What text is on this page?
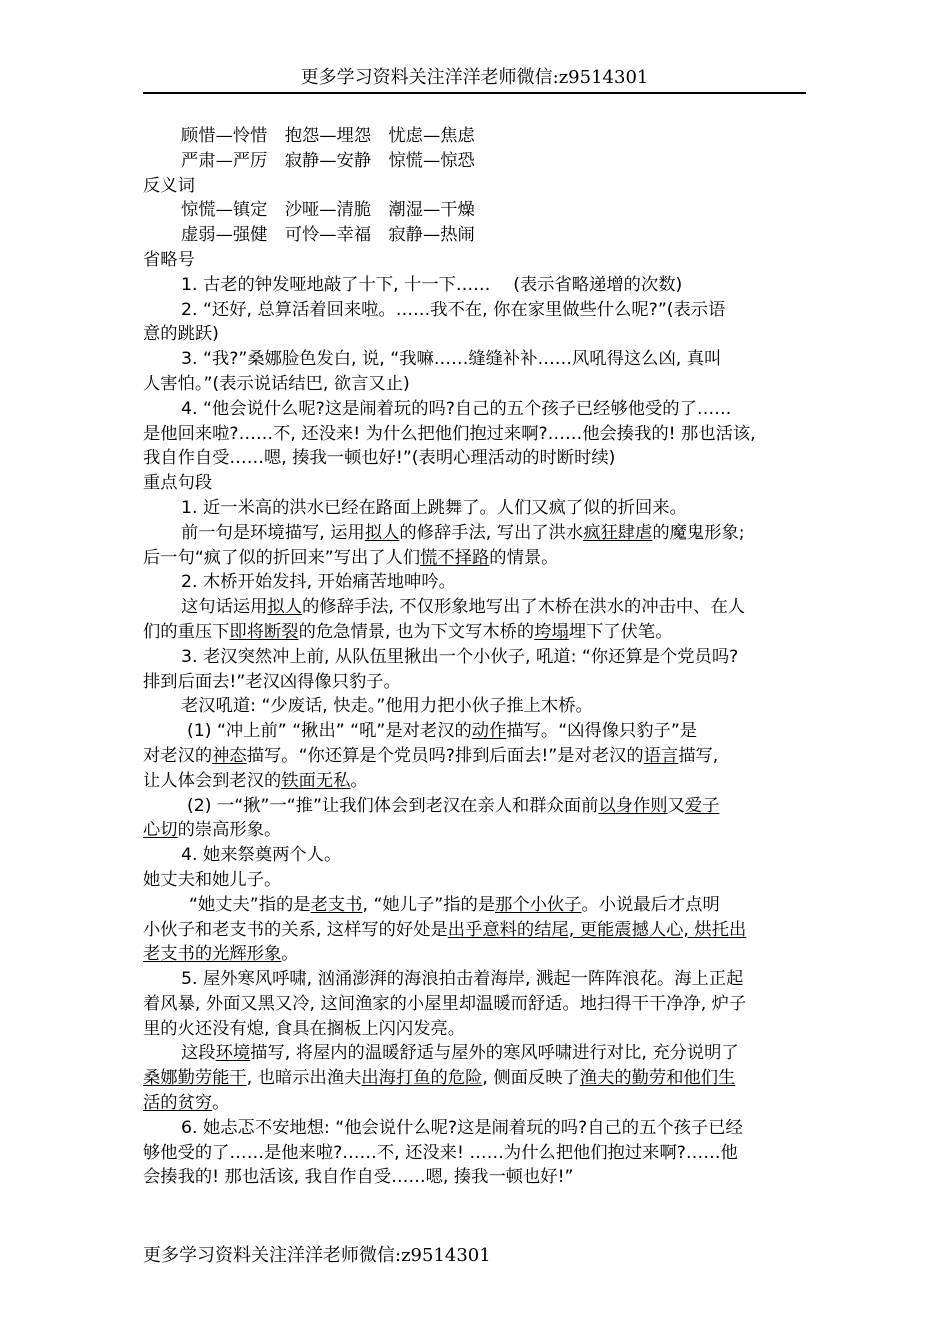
更多学习资料关注洋洋老师微信:z9514301

顾惜—怜惜　抱怨—埋怨　忧虑—焦虑

严肃—严厉　寂静—安静　惊慌—惊恐

反义词

惊慌—镇定　沙哑—清脆　潮湿—干燥

虚弱—强健　可怜—幸福　寂静—热闹

省略号

1. 古老的钟发哑地敲了十下, 十一下……　 (表示省略递增的次数)

2. “还好, 总算活着回来啦。……我不在, 你在家里做些什么呢?”(表示语

意的跳跃)

3. “我?”桑娜脸色发白, 说, “我嘛……缝缝补补……风吼得这么凶, 真叫

人害怕。”(表示说话结巴, 欲言又止)

4. “他会说什么呢?这是闹着玩的吗?自己的五个孩子已经够他受的了……

是他回来啦?……不, 还没来! 为什么把他们抱过来啊?……他会揍我的! 那也活该,

我自作自受……嗯, 揍我一顿也好!”(表明心理活动的时断时续)

重点句段

1. 近一米高的洪水已经在路面上跳舞了。人们又疯了似的折回来。

前一句是环境描写, 运用拟人的修辞手法, 写出了洪水疯狂肆虐的魔鬼形象;

后一句“疯了似的折回来”写出了人们慌不择路的情景。

2. 木桥开始发抖, 开始痛苦地呻吟。

这句话运用拟人的修辞手法, 不仅形象地写出了木桥在洪水的冲击中、在人

们的重压下即将断裂的危急情景, 也为下文写木桥的垮塌埋下了伏笔。

3. 老汉突然冲上前, 从队伍里揪出一个小伙子, 吼道: “你还算是个党员吗?

排到后面去!”老汉凶得像只豹子。

老汉吼道: “少废话, 快走。”他用力把小伙子推上木桥。

(1) “冲上前” “揪出” “吼”是对老汉的动作描写。“凶得像只豹子”是

对老汉的神态描写。“你还算是个党员吗?排到后面去!”是对老汉的语言描写,

让人体会到老汉的铁面无私。

(2) 一“揪”一“推”让我们体会到老汉在亲人和群众面前以身作则又爱子

心切的崇高形象。

4. 她来祭奠两个人。

她丈夫和她儿子。

“她丈夫”指的是老支书, “她儿子”指的是那个小伙子。小说最后才点明

小伙子和老支书的关系, 这样写的好处是出乎意料的结尾, 更能震撼人心, 烘托出

老支书的光辉形象。

5. 屋外寒风呼啸, 汹涌澎湃的海浪拍击着海岸, 溅起一阵阵浪花。海上正起

着风暴, 外面又黑又冷, 这间渔家的小屋里却温暖而舒适。地扫得干干净净, 炉子

里的火还没有熄, 食具在搁板上闪闪发亮。

这段环境描写, 将屋内的温暖舒适与屋外的寒风呼啸进行对比, 充分说明了

桑娜勤劳能干, 也暗示出渔夫出海打鱼的危险, 侧面反映了渔夫的勤劳和他们生

活的贫穷。

6. 她忐忑不安地想: “他会说什么呢?这是闹着玩的吗?自己的五个孩子已经

够他受的了……是他来啦?……不, 还没来! ……为什么把他们抱过来啊?……他

会揍我的! 那也活该, 我自作自受……嗯, 揍我一顿也好!”

更多学习资料关注洋洋老师微信:z9514301
